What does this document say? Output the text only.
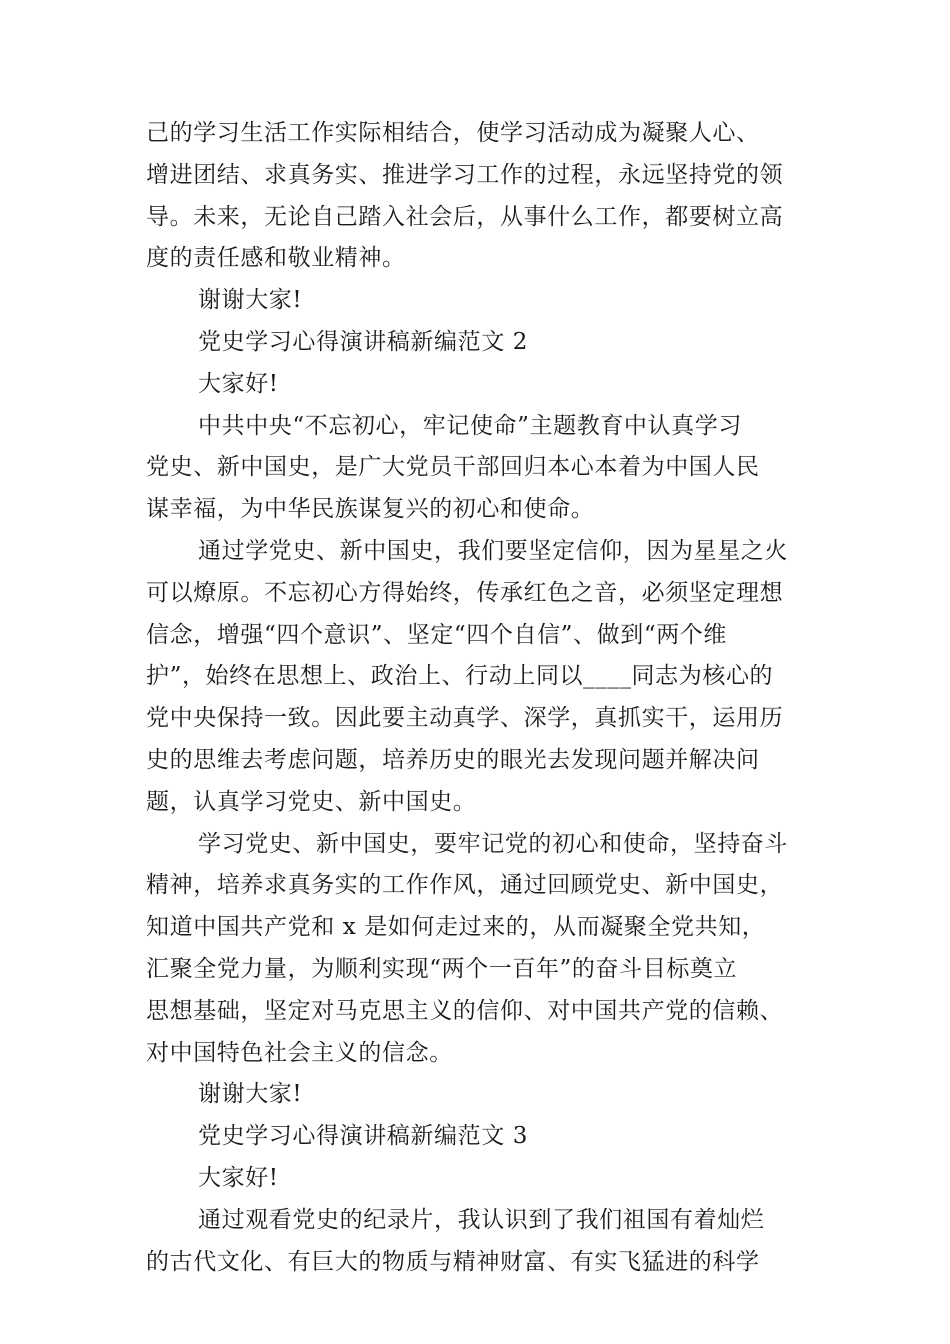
己的学习生活工作实际相结合，使学习活动成为凝聚人心、
增进团结、求真务实、推进学习工作的过程，永远坚持党的领
导。未来，无论自己踏入社会后，从事什么工作，都要树立高
度的责任感和敬业精神。
谢谢大家!
党史学习心得演讲稿新编范文 2
大家好!
中共中央“不忘初心，牢记使命”主题教育中认真学习
党史、新中国史，是广大党员干部回归本心本着为中国人民
谋幸福，为中华民族谋复兴的初心和使命。
通过学党史、新中国史，我们要坚定信仰，因为星星之火
可以燎原。不忘初心方得始终，传承红色之音，必须坚定理想
信念，增强“四个意识”、坚定“四个自信”、做到“两个维
护”，始终在思想上、政治上、行动上同以____同志为核心的
党中央保持一致。因此要主动真学、深学，真抓实干，运用历
史的思维去考虑问题，培养历史的眼光去发现问题并解决问
题，认真学习党史、新中国史。
学习党史、新中国史，要牢记党的初心和使命，坚持奋斗
精神，培养求真务实的工作作风，通过回顾党史、新中国史，
知道中国共产党和 x 是如何走过来的，从而凝聚全党共知，
汇聚全党力量，为顺利实现“两个一百年”的奋斗目标奠立
思想基础，坚定对马克思主义的信仰、对中国共产党的信赖、
对中国特色社会主义的信念。
谢谢大家!
党史学习心得演讲稿新编范文 3
大家好!
通过观看党史的纪录片，我认识到了我们祖国有着灿烂
的古代文化、有巨大的物质与精神财富、有实飞猛进的科学
